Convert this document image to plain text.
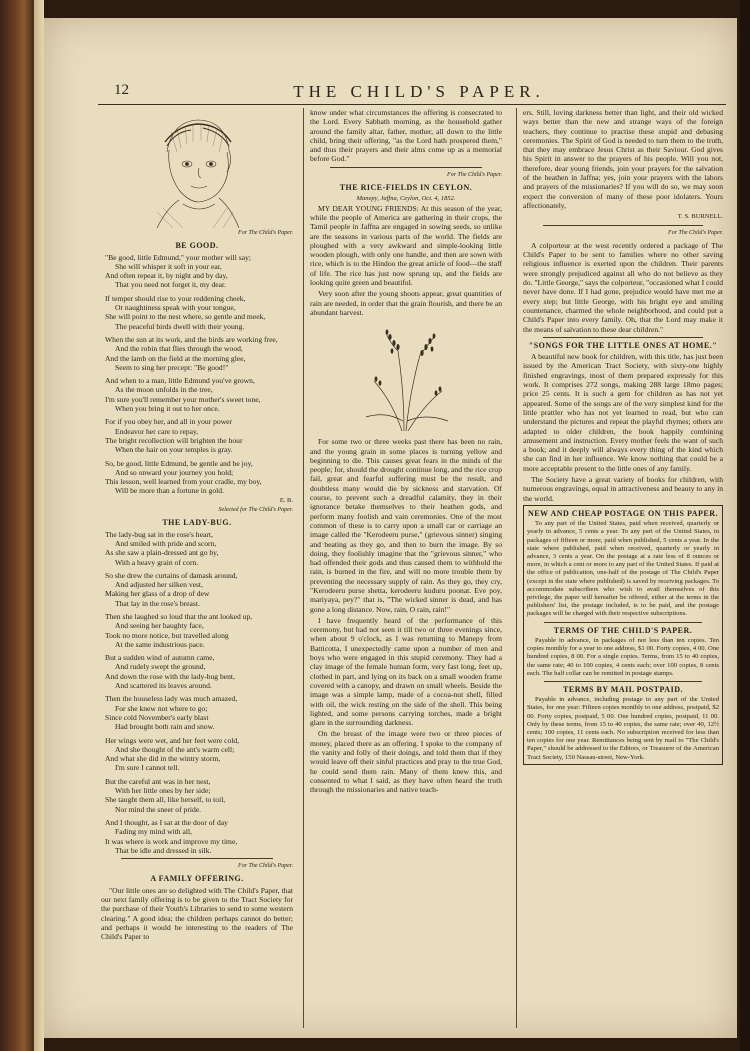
12	THE CHILD'S PAPER.
For The Child's Paper.
BE GOOD.
"Be good, little Edmund," your mother will say;
She will whisper it soft in your ear,
And often repeat it, by night and by day,
That you need not forget it, my dear.
If temper should rise to your reddening cheek,
Or naughtiness speak with your tongue,
She will point to the nest where, so gentle and meek,
The peaceful birds dwell with their young.
When the sun at its work, and the birds are working free,
And the robin that flies through the wood,
And the lamb on the field at the morning glee,
Seem to sing her precept: "Be good!"
And when to a man, little Edmund you've grown,
As the moon unfolds in the tree,
I'm sure you'll remember your mother's sweet tone,
When you bring it out to her once.
For if you obey her, and all in your power
Endeavor her care to repay,
The bright recollection will brighten the hour
When the hair on your temples is gray.
So, be good, little Edmund, be gentle and be joy,
And so onward your journey you hold;
This lesson, well learned from your cradle, my boy,
Will be more than a fortune in gold.
E. B.
Selected for The Child's Paper.
THE LADY-BUG.
The lady-bug sat in the rose's heart,
And smiled with pride and scorn,
As she saw a plain-dressed ant go by,
With a heavy grain of corn.
So she drew the curtains of damask around,
And adjusted her silken vest,
Making her glass of a drop of dew
That lay in the rose's breast.
Then she laughed so loud that the ant looked up,
And seeing her haughty face,
Took no more notice, but travelled along
At the same industrious pace.
But a sudden wind of autumn came,
And rudely swept the ground,
And down the rose with the lady-bug bent,
And scattered its leaves around.
Then the houseless lady was much amazed,
For she knew not where to go;
Since cold November's early blast
Had brought both rain and snow.
Her wings were wet, and her feet were cold,
And she thought of the ant's warm cell;
And what she did in the wintry storm,
I'm sure I cannot tell.
But the careful ant was in her nest,
With her little ones by her side;
She taught them all, like herself, to toil,
Nor mind the sneer of pride.
And I thought, as I sat at the door of day
Fading my mind with all,
It was where is work and improve my time,
That be idle and dressed in silk.
For The Child's Paper.
A FAMILY OFFERING.

"Our little ones are so delighted with The Child's Paper, that our next family offering is to be given to the Tract Society for the purchase of their Youth's Libraries to send to some western clearing." A good idea; the children perhaps cannot do better; and perhaps it would be interesting to the readers of The Child's Paper to

know under what circumstances the offering is consecrated to the Lord. Every Sabbath morning, as the household gather around the family altar, father, mother, all down to the little child, bring their offering, "as the Lord hath prospered them," and thus their prayers and their alms come up as a memorial before God."

For The Child's Paper.
THE RICE-FIELDS IN CEYLON.
Manepy, Jaffna, Ceylon, Oct. 4, 1852.

MY DEAR YOUNG FRIENDS: At this season of the year, while the people of America are gathering in their crops, the Tamil people in Jaffna are engaged in sowing seeds, so unlike are the seasons in various parts of the world. The fields are ploughed with a very awkward and simple-looking little wooden plough, with only one handle, and then are sown with rice, which is to the Hindoo the great article of food—the staff of life. The rice has just now sprung up, and the fields are looking quite green and beautiful.

Very soon after the young shoots appear, great quantities of rain are needed, in order that the grain flourish, and there be an abundant harvest.

For some two or three weeks past there has been no rain, and the young grain in some places is turning yellow and beginning to die. This causes great fears in the minds of the people; for, should the drought continue long, and the rice crop fail, great and fearful suffering must be the result, and doubtless many would die by sickness and starvation. Of course, to prevent such a dreadful calamity, they in their ignorance betake themselves to their heathen gods, and perform many foolish and vain ceremonies. One of the most common of these is to carry upon a small car or carriage an image called the "Kerodeeru purse," (grievous sinner) singing and beating as they go, and then to burn the image. By so doing, they foolishly imagine that the "grievous sinner," who had offended their gods and thus caused them to withhold the rain, is burned in the fire, and will no more trouble them by preventing the necessary supply of rain. As they go, they cry, "Kerodeeru purse shetta, kerodeeru kuduru poonat. Eve poy, mariyaya, pey?" that is, "The wicked sinner is dead, and has gone a long distance. Now, rain, O rain, rain!"

I have frequently heard of the performance of this ceremony, but had not seen it till two or three evenings since, when about 9 o'clock, as I was returning to Manepy from Batticotta, I unexpectedly came upon a number of men and boys who were engaged in this stupid ceremony. They had a clay image of the female human form, very fast long, feet up, clothed in part, and lying on its back on a small wooden frame covered with a canopy, and drawn on small wheels. Beside the image was a simple lamp, made of a cocoa-nut shell, filled with oil, the wick resting on the side of the shell. This being lighted, and some persons carrying torches, made a bright glare in the surrounding darkness.

On the breast of the image were two or three pieces of money, placed there as an offering. I spoke to the company of the vanity and folly of their doings, and told them that if they would leave off their sinful practices and pray to the true God, he could send them rain. Many of them knew this, and consented to what I said, as they have often heard the truth through the missionaries and native teach-

ers. Still, loving darkness better than light, and their old wicked ways better than the new and strange ways of the foreign teachers, they continue to practise these stupid and debasing ceremonies. The Spirit of God is needed to turn them to the truth, that they may embrace Jesus Christ as their Saviour. God gives his Spirit in answer to the prayers of his people. Will you not, therefore, dear young friends, join your prayers for the salvation of the heathen in Jaffna; yes, join your prayers with the labors and prayers of the missionaries? If you will do so, we may soon expect the conversion of many of these poor idolaters. Yours affectionately,

T. S. BURNELL.
For The Child's Paper.

A colporteur at the west recently ordered a package of The Child's Paper to be sent to families where no other saving religious influence is exerted upon the children. Their parents were strongly prejudiced against all who do not believe as they do. "Little George," says the colporteur, "occasioned what I could never have done. If I had gone, prejudice would have met me at every step; but little George, with his bright eye and smiling countenance, charmed the whole neighborhood, and could put a Child's Paper into every family. Oh, that the Lord may make it the means of salvation to these dear children."

"SONGS FOR THE LITTLE ONES AT HOME."

A beautiful new book for children, with this title, has just been issued by the American Tract Society, with sixty-one highly finished engravings, most of them prepared expressly for this work. It comprises 272 songs, making 288 large 18mo pages; price 25 cents. It is such a gem for children as has not yet appeared. Some of the songs are of the very simplest kind for the little prattler who has not yet learned to read, but who can understand the pictures and repeat the playful rhymes; others are adapted to older children, the book happily combining amusement and instruction. Every mother feels the want of such a book; and it deeply will always every thing of the kind which she can find in her influence. We know nothing that could be a more acceptable present to the little ones of any family.

The Society have a great variety of books for children, with numerous engravings, equal in attractiveness and beauty to any in the world.

NEW AND CHEAP POSTAGE ON THIS PAPER.

To any part of the United States, paid when received, quarterly or yearly in advance, 5 cents a year. To any part of the United States, in packages of fifteen or more, paid when published, 5 cents a year. In the state where published, paid when received, quarterly or yearly in advance, 3 cents a year. On the postage at a rate less of 8 ounces or more, in which a cent or more to any part of the United States. If paid at the office of publication, one-half of the postage of The Child's Paper (except in the state where published) is saved by receiving packages. To accommodate subscribers who wish to avail themselves of this privilege, the paper will hereafter be offered, either at the terms in the publishers' list, the postage included, is to be paid, and the postage packages will be charged with their respective subscriptions.

TERMS OF THE CHILD'S PAPER.

Payable in advance, in packages of not less than ten copies. Ten copies monthly for a year to one address, $1 00. Forty copies, 4 00. One hundred copies, 8 00. For a single copies. Terms, from 15 to 40 copies, the same rate; 40 to 100 copies, 4 cents each; over 100 copies, 8 cents each. The half collar can be remitted in postage stamps.

TERMS BY MAIL POSTPAID.

Payable in advance, including postage to any part of the United States, for one year: Fifteen copies monthly to one address, postpaid, $2 00. Forty copies, postpaid, 5 00. One hundred copies, postpaid, 11 00. Only by these terms, from 15 to 40 copies, the same rate; over 40, 12½ cents; 100 copies, 11 cents each. No subscription received for less than ten copies for one year. Remittances being sent by mail to "The Child's Paper," should be addressed to the Editors, or Treasurer of the American Tract Society, 150 Nassau-street, New-York.
